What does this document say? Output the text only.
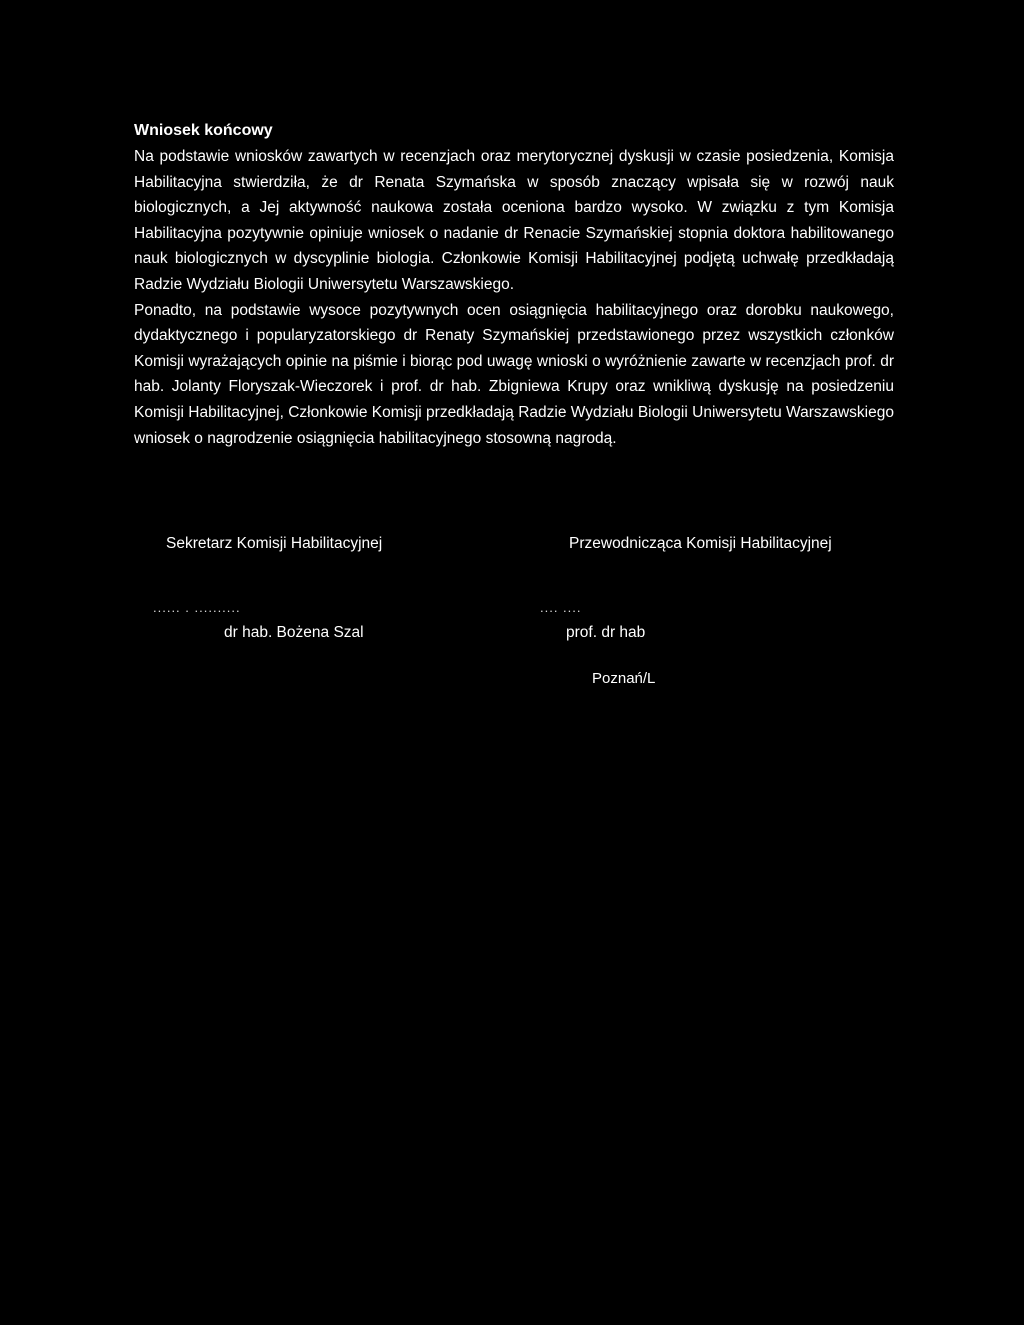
Wniosek końcowy

Na podstawie wniosków zawartych w recenzjach oraz merytorycznej dyskusji w czasie posiedzenia, Komisja Habilitacyjna stwierdziła, że dr Renata Szymańska w sposób znaczący wpisała się w rozwój nauk biologicznych, a Jej aktywność naukowa została oceniona bardzo wysoko. W związku z tym Komisja Habilitacyjna pozytywnie opiniuje wniosek o nadanie dr Renacie Szymańskiej stopnia doktora habilitowanego nauk biologicznych w dyscyplinie biologia. Członkowie Komisji Habilitacyjnej podjętą uchwałę przedkładają Radzie Wydziału Biologii Uniwersytetu Warszawskiego.

Ponadto, na podstawie wysoce pozytywnych ocen osiągnięcia habilitacyjnego oraz dorobku naukowego, dydaktycznego i popularyzatorskiego dr Renaty Szymańskiej przedstawionego przez wszystkich członków Komisji wyrażających opinie na piśmie i biorąc pod uwagę wnioski o wyróżnienie zawarte w recenzjach prof. dr hab. Jolanty Floryszak-Wieczorek i prof. dr hab. Zbigniewa Krupy oraz wnikliwą dyskusję na posiedzeniu Komisji Habilitacyjnej, Członkowie Komisji przedkładają Radzie Wydziału Biologii Uniwersytetu Warszawskiego wniosek o nagrodzenie osiągnięcia habilitacyjnego stosowną nagrodą.

Sekretarz Komisji Habilitacyjnej	Przewodnicząca Komisji Habilitacyjnej
...... . ..........	.... ....
dr hab. Bożena Szal	prof. dr hab
Poznań/L
